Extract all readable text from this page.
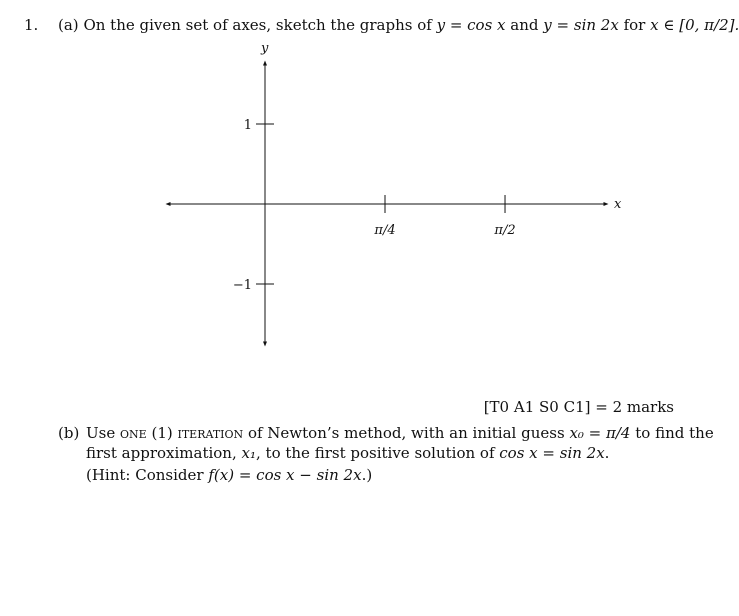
1. (a) On the given set of axes, sketch the graphs of y = cos x and y = sin 2x for x ∈ [0, π/2].
x
y
π/4	π/2
1
−1
[T0 A1 S0 C1] = 2 marks
(b) Use one (1) iteration of Newton’s method, with an initial guess x₀ = π/4 to find the
first approximation, x₁, to the first positive solution of cos x = sin 2x.
(Hint: Consider f(x) = cos x − sin 2x.)
